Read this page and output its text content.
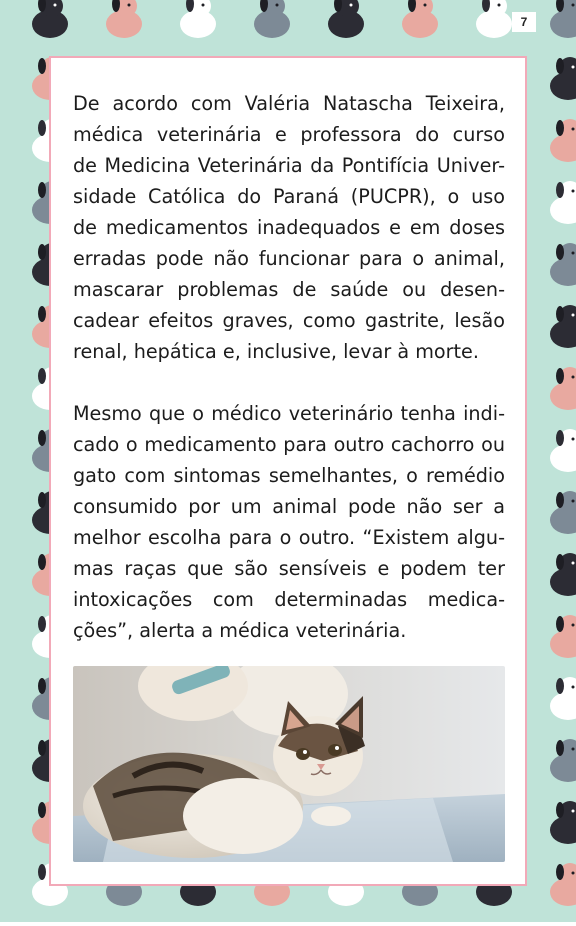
7
De acordo com Valéria Natascha Teixeira,
médica veterinária e professora do curso
de Medicina Veterinária da Pontifícia Univer-
sidade Católica do Paraná (PUCPR), o uso
de medicamentos inadequados e em doses
erradas pode não funcionar para o animal,
mascarar problemas de saúde ou desen-
cadear efeitos graves, como gastrite, lesão
renal, hepática e, inclusive, levar à morte.
Mesmo que o médico veterinário tenha indi-
cado o medicamento para outro cachorro ou
gato com sintomas semelhantes, o remédio
consumido por um animal pode não ser a
melhor escolha para o outro. “Existem algu-
mas raças que são sensíveis e podem ter
intoxicações com determinadas medica-
ções”, alerta a médica veterinária.
